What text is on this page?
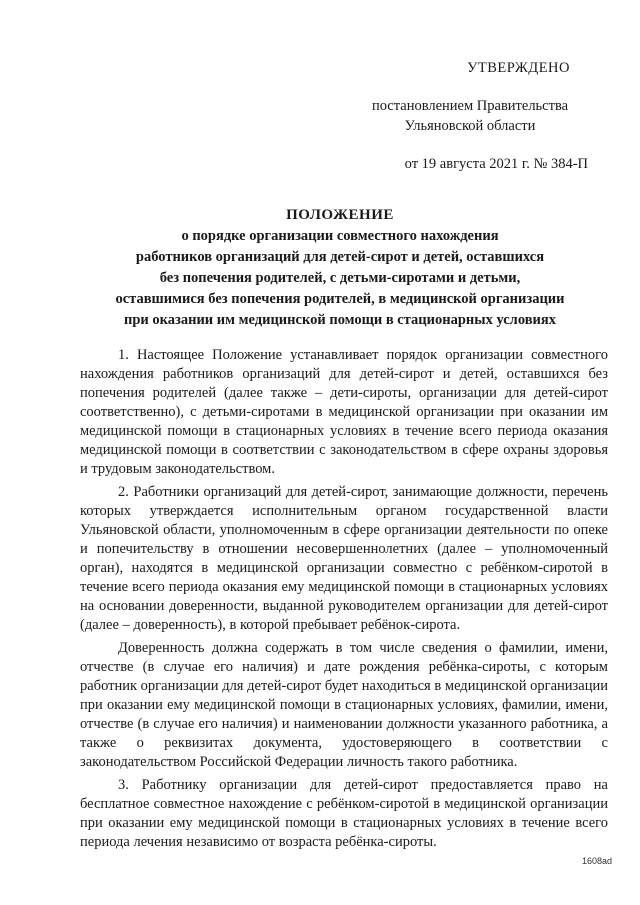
УТВЕРЖДЕНО
постановлением Правительства
Ульяновской области
от 19 августа 2021 г. № 384-П
ПОЛОЖЕНИЕ
о порядке организации совместного нахождения
работников организаций для детей-сирот и детей, оставшихся
без попечения родителей, с детьми-сиротами и детьми,
оставшимися без попечения родителей, в медицинской организации
при оказании им медицинской помощи в стационарных условиях

1. Настоящее Положение устанавливает порядок организации совместного нахождения работников организаций для детей-сирот и детей, оставшихся без попечения родителей (далее также – дети-сироты, организации для детей-сирот соответственно), с детьми-сиротами в медицинской организации при оказании им медицинской помощи в стационарных условиях в течение всего периода оказания медицинской помощи в соответствии с законодательством в сфере охраны здоровья и трудовым законодательством.

2. Работники организаций для детей-сирот, занимающие должности, перечень которых утверждается исполнительным органом государственной власти Ульяновской области, уполномоченным в сфере организации деятельности по опеке и попечительству в отношении несовершеннолетних (далее – уполномоченный орган), находятся в медицинской организации совместно с ребёнком-сиротой в течение всего периода оказания ему медицинской помощи в стационарных условиях на основании доверенности, выданной руководителем организации для детей-сирот (далее – доверенность), в которой пребывает ребёнок-сирота.

Доверенность должна содержать в том числе сведения о фамилии, имени, отчестве (в случае его наличия) и дате рождения ребёнка-сироты, с которым работник организации для детей-сирот будет находиться в медицинской организации при оказании ему медицинской помощи в стационарных условиях, фамилии, имени, отчестве (в случае его наличия) и наименовании должности указанного работника, а также о реквизитах документа, удостоверяющего в соответствии с законодательством Российской Федерации личность такого работника.

3. Работнику организации для детей-сирот предоставляется право на бесплатное совместное нахождение с ребёнком-сиротой в медицинской организации при оказании ему медицинской помощи в стационарных условиях в течение всего периода лечения независимо от возраста ребёнка-сироты.

1608ad
